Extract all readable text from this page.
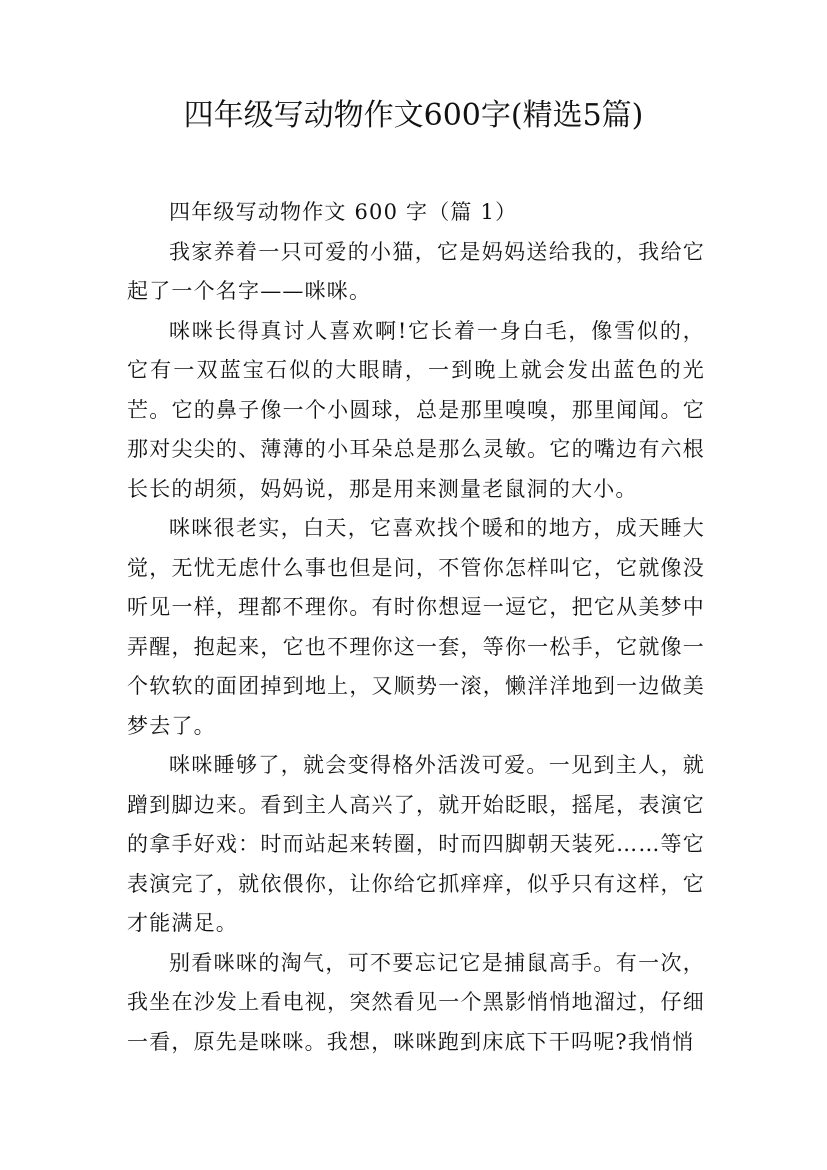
四年级写动物作文600字(精选5篇)

四年级写动物作文 600 字（篇 1）

我家养着一只可爱的小猫，它是妈妈送给我的，我给它起了一个名字——咪咪。

咪咪长得真讨人喜欢啊!它长着一身白毛，像雪似的，它有一双蓝宝石似的大眼睛，一到晚上就会发出蓝色的光芒。它的鼻子像一个小圆球，总是那里嗅嗅，那里闻闻。它那对尖尖的、薄薄的小耳朵总是那么灵敏。它的嘴边有六根长长的胡须，妈妈说，那是用来测量老鼠洞的大小。

咪咪很老实，白天，它喜欢找个暖和的地方，成天睡大觉，无忧无虑什么事也但是问，不管你怎样叫它，它就像没听见一样，理都不理你。有时你想逗一逗它，把它从美梦中弄醒，抱起来，它也不理你这一套，等你一松手，它就像一个软软的面团掉到地上，又顺势一滚，懒洋洋地到一边做美梦去了。

咪咪睡够了，就会变得格外活泼可爱。一见到主人，就蹭到脚边来。看到主人高兴了，就开始眨眼，摇尾，表演它的拿手好戏：时而站起来转圈，时而四脚朝天装死……等它表演完了，就依偎你，让你给它抓痒痒，似乎只有这样，它才能满足。

别看咪咪的淘气，可不要忘记它是捕鼠高手。有一次，我坐在沙发上看电视，突然看见一个黑影悄悄地溜过，仔细一看，原先是咪咪。我想，咪咪跑到床底下干吗呢?我悄悄
